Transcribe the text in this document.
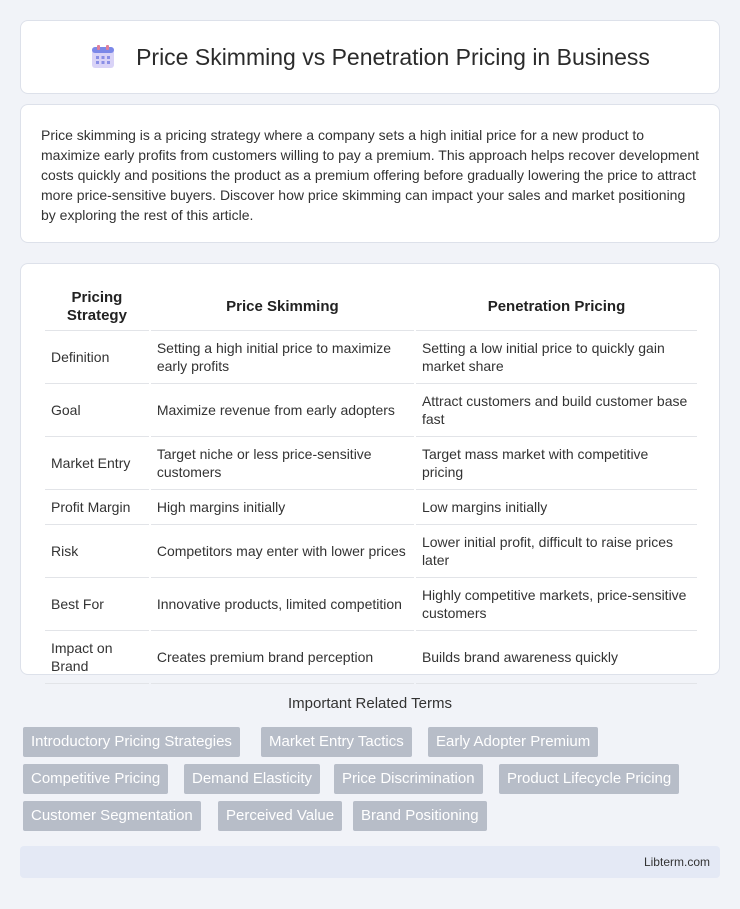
Price Skimming vs Penetration Pricing in Business

Price skimming is a pricing strategy where a company sets a high initial price for a new product to maximize early profits from customers willing to pay a premium. This approach helps recover development costs quickly and positions the product as a premium offering before gradually lowering the price to attract more price-sensitive buyers. Discover how price skimming can impact your sales and market positioning by exploring the rest of this article.

Pricing Strategy	Price Skimming	Penetration Pricing
Definition	Setting a high initial price to maximize early profits	Setting a low initial price to quickly gain market share
Goal	Maximize revenue from early adopters	Attract customers and build customer base fast
Market Entry	Target niche or less price-sensitive customers	Target mass market with competitive pricing
Profit Margin	High margins initially	Low margins initially
Risk	Competitors may enter with lower prices	Lower initial profit, difficult to raise prices later
Best For	Innovative products, limited competition	Highly competitive markets, price-sensitive customers
Impact on Brand	Creates premium brand perception	Builds brand awareness quickly
Important Related Terms
Introductory Pricing Strategies	Market Entry Tactics	Early Adopter Premium
Competitive Pricing	Demand Elasticity	Price Discrimination	Product Lifecycle Pricing
Customer Segmentation	Perceived Value	Brand Positioning
Libterm.com
